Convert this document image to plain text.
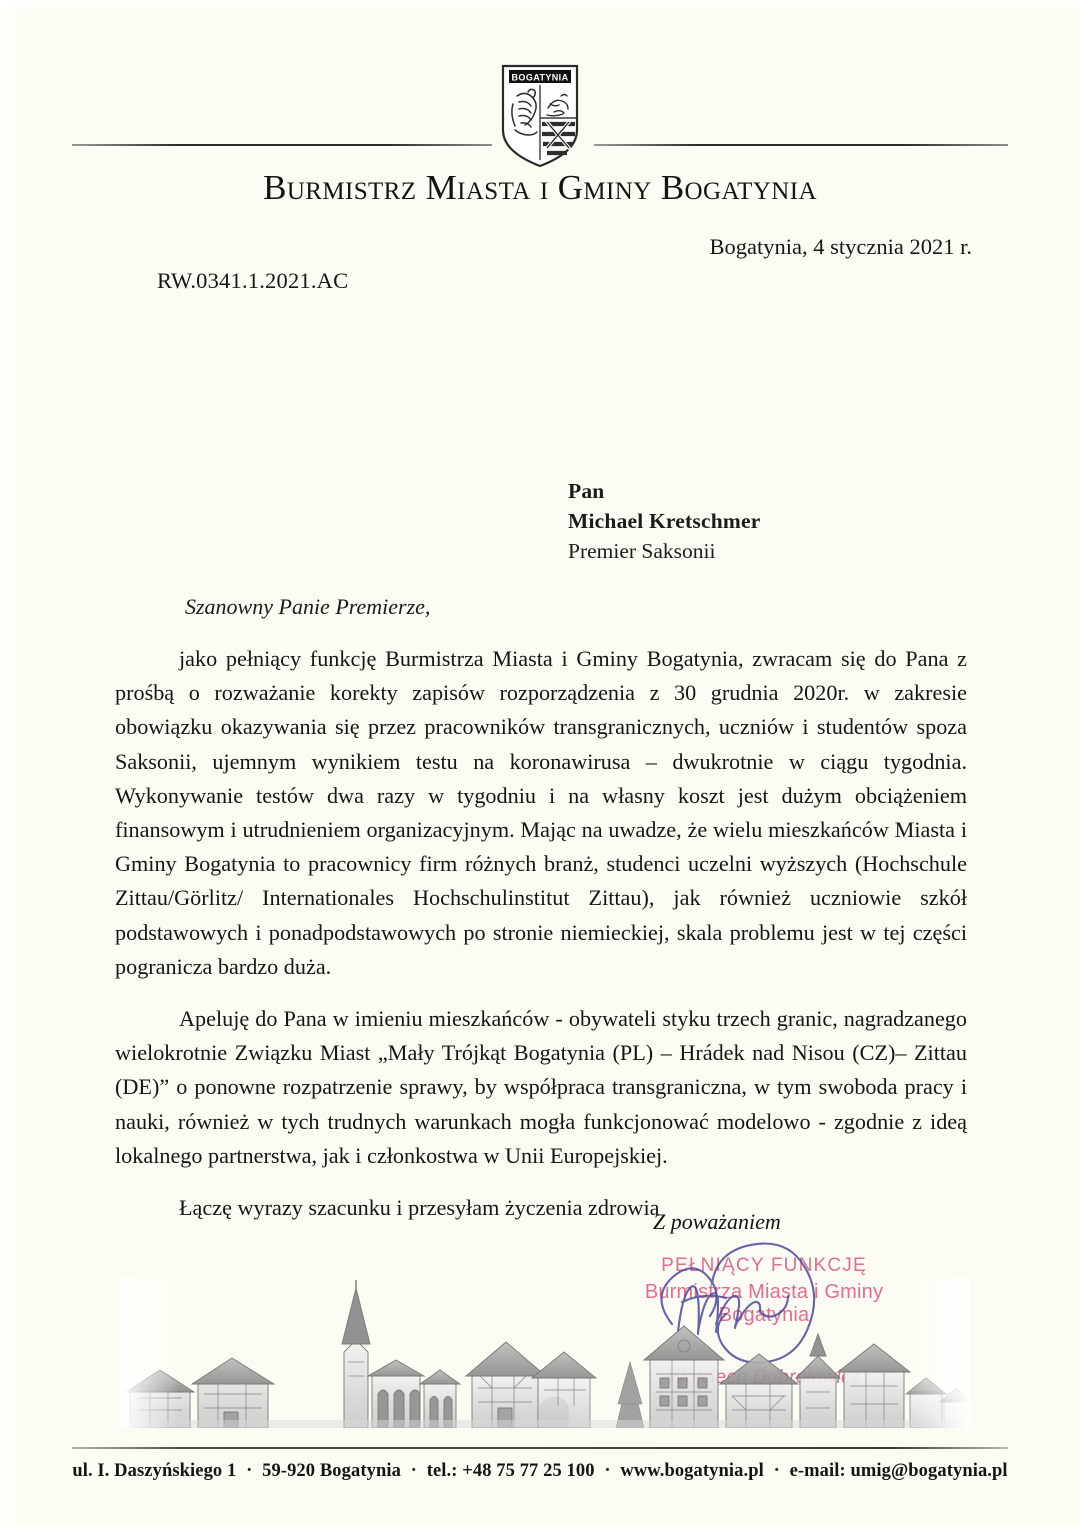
BOGATYNIA
Burmistrz Miasta i Gminy Bogatynia
Bogatynia, 4 stycznia 2021 r.
RW.0341.1.2021.AC
Pan
Michael Kretschmer
Premier Saksonii
Szanowny Panie Premierze,

jako pełniący funkcję Burmistrza Miasta i Gminy Bogatynia, zwracam się do Pana z prośbą o rozważanie korekty zapisów rozporządzenia z 30 grudnia 2020r. w zakresie obowiązku okazywania się przez pracowników transgranicznych, uczniów i studentów spoza Saksonii, ujemnym wynikiem testu na koronawirusa – dwukrotnie w ciągu tygodnia. Wykonywanie testów dwa razy w tygodniu i na własny koszt jest dużym obciążeniem finansowym i utrudnieniem organizacyjnym. Mając na uwadze, że wielu mieszkańców Miasta i Gminy Bogatynia to pracownicy firm różnych branż, studenci uczelni wyższych (Hochschule Zittau/Görlitz/ Internationales Hochschulinstitut Zittau), jak również uczniowie szkół podstawowych i ponadpodstawowych po stronie niemieckiej, skala problemu jest w tej części pogranicza bardzo duża.

Apeluję do Pana w imieniu mieszkańców - obywateli styku trzech granic, nagradzanego wielokrotnie Związku Miast „Mały Trójkąt Bogatynia (PL) – Hrádek nad Nisou (CZ)– Zittau (DE)” o ponowne rozpatrzenie sprawy, by współpraca transgraniczna, w tym swoboda pracy i nauki, również w tych trudnych warunkach mogła funkcjonować modelowo - zgodnie z ideą lokalnego partnerstwa, jak i członkostwa w Unii Europejskiej.

Łączę wyrazy szacunku i przesyłam życzenia zdrowia

Z poważaniem
PEŁNIĄCY FUNKCJĘ
ul. I. Daszyńskiego 1 · 59-920 Bogatynia · tel.: +48 75 77 25 100 · www.bogatynia.pl · e-mail: umig@bogatynia.pl
